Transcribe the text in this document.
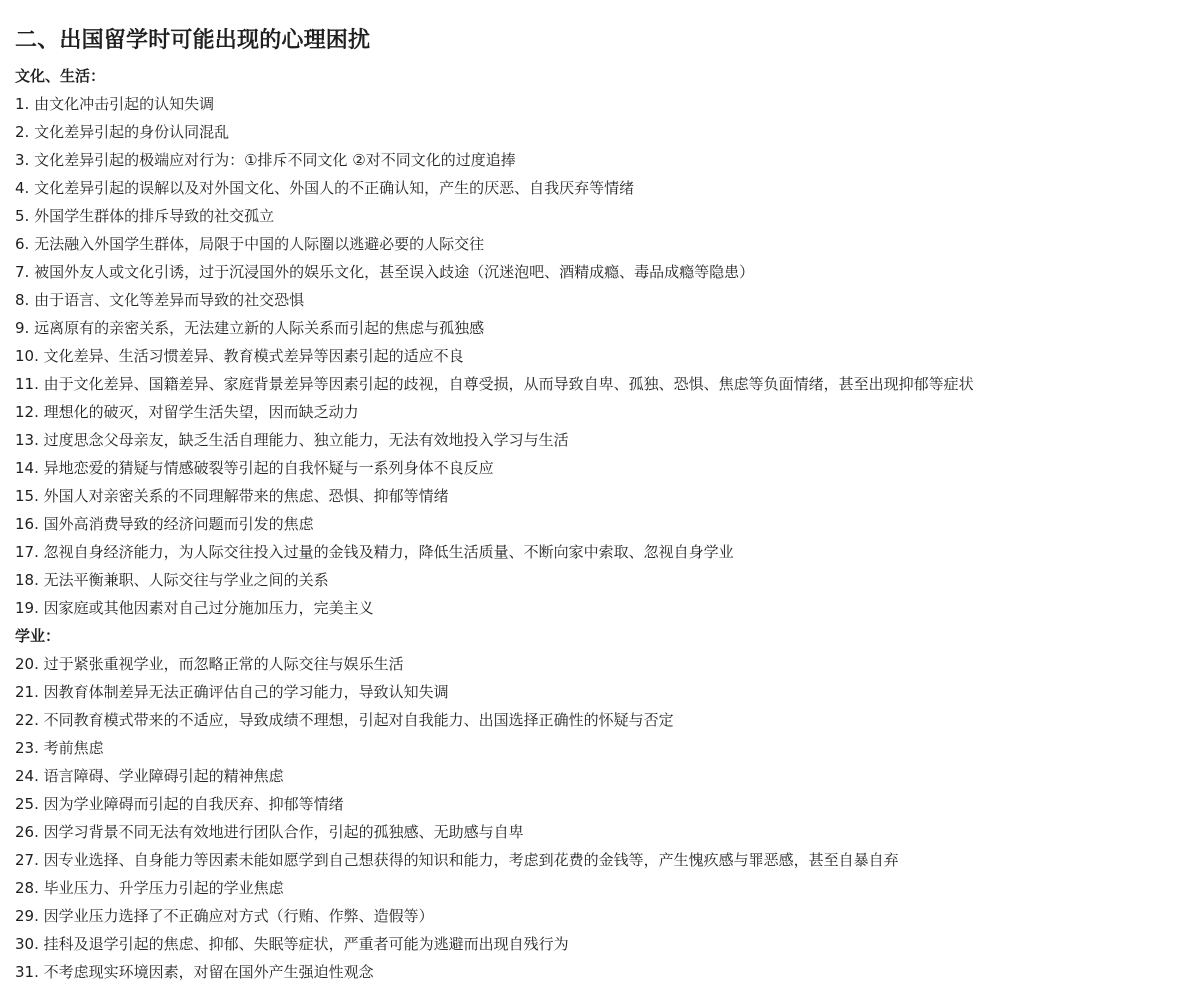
二、出国留学时可能出现的心理困扰
文化、生活：
1. 由文化冲击引起的认知失调
2. 文化差异引起的身份认同混乱
3. 文化差异引起的极端应对行为：①排斥不同文化 ②对不同文化的过度追捧
4. 文化差异引起的误解以及对外国文化、外国人的不正确认知，产生的厌恶、自我厌弃等情绪
5. 外国学生群体的排斥导致的社交孤立
6. 无法融入外国学生群体，局限于中国的人际圈以逃避必要的人际交往
7. 被国外友人或文化引诱，过于沉浸国外的娱乐文化，甚至误入歧途（沉迷泡吧、酒精成瘾、毒品成瘾等隐患）
8. 由于语言、文化等差异而导致的社交恐惧
9. 远离原有的亲密关系，无法建立新的人际关系而引起的焦虑与孤独感
10. 文化差异、生活习惯差异、教育模式差异等因素引起的适应不良
11. 由于文化差异、国籍差异、家庭背景差异等因素引起的歧视，自尊受损，从而导致自卑、孤独、恐惧、焦虑等负面情绪，甚至出现抑郁等症状
12. 理想化的破灭，对留学生活失望，因而缺乏动力
13. 过度思念父母亲友，缺乏生活自理能力、独立能力，无法有效地投入学习与生活
14. 异地恋爱的猜疑与情感破裂等引起的自我怀疑与一系列身体不良反应
15. 外国人对亲密关系的不同理解带来的焦虑、恐惧、抑郁等情绪
16. 国外高消费导致的经济问题而引发的焦虑
17. 忽视自身经济能力，为人际交往投入过量的金钱及精力，降低生活质量、不断向家中索取、忽视自身学业
18. 无法平衡兼职、人际交往与学业之间的关系
19. 因家庭或其他因素对自己过分施加压力，完美主义
学业：
20. 过于紧张重视学业，而忽略正常的人际交往与娱乐生活
21. 因教育体制差异无法正确评估自己的学习能力，导致认知失调
22. 不同教育模式带来的不适应，导致成绩不理想，引起对自我能力、出国选择正确性的怀疑与否定
23. 考前焦虑
24. 语言障碍、学业障碍引起的精神焦虑
25. 因为学业障碍而引起的自我厌弃、抑郁等情绪
26. 因学习背景不同无法有效地进行团队合作，引起的孤独感、无助感与自卑
27. 因专业选择、自身能力等因素未能如愿学到自己想获得的知识和能力，考虑到花费的金钱等，产生愧疚感与罪恶感，甚至自暴自弃
28. 毕业压力、升学压力引起的学业焦虑
29. 因学业压力选择了不正确应对方式（行贿、作弊、造假等）
30. 挂科及退学引起的焦虑、抑郁、失眠等症状，严重者可能为逃避而出现自残行为
31. 不考虑现实环境因素，对留在国外产生强迫性观念
